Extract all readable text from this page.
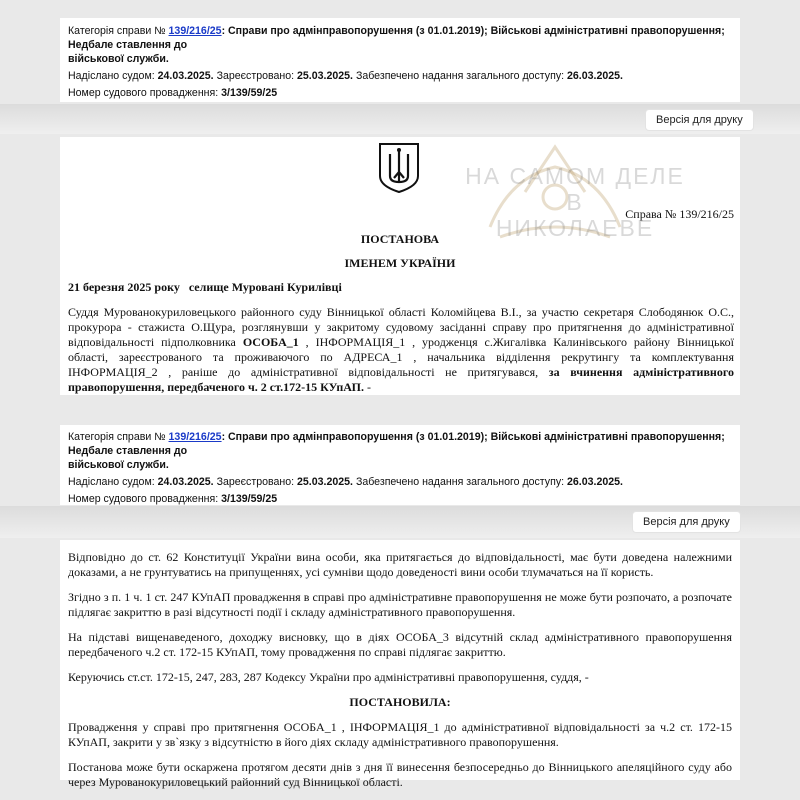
Категорія справи № 139/216/25: Справи про адмінправопорушення (з 01.01.2019); Військові адміністративні правопорушення; Недбале ставлення до
військової служби.
Надіслано судом: 24.03.2025. Зареєстровано: 25.03.2025. Забезпечено надання загального доступу: 26.03.2025.
Номер судового провадження: 3/139/59/25
Версія для друку
НА САМОМ ДЕЛЕ В
НИКОЛАЕВЕ
Справа № 139/216/25
ПОСТАНОВА
ІМЕНЕМ УКРАЇНИ
21 березня 2025 року   селище Муровані Курилівці
Суддя Мурованокуриловецького районного суду Вінницької області Коломійцева В.І., за участю секретаря Слободянюк О.С., прокурора - стажиста О.Щура, розглянувши у закритому судовому засіданні справу про притягнення до адміністративної відповідальності підполковника ОСОБА_1 , ІНФОРМАЦІЯ_1 , уродженця с.Жигалівка Калинівського району Вінницької області, зареєстрованого та проживаючого по АДРЕСА_1 , начальника відділення рекрутингу та комплектування ІНФОРМАЦІЯ_2 , раніше до адміністративної відповідальності не притягувався, за вчинення адміністративного правопорушення, передбаченого ч. 2 ст.172-15 КУпАП. -
Категорія справи № 139/216/25: Справи про адмінправопорушення (з 01.01.2019); Військові адміністративні правопорушення; Недбале ставлення до
військової служби.
Надіслано судом: 24.03.2025. Зареєстровано: 25.03.2025. Забезпечено надання загального доступу: 26.03.2025.
Номер судового провадження: 3/139/59/25
Версія для друку

Відповідно до ст. 62 Конституції України вина особи, яка притягається до відповідальності, має бути доведена належними доказами, а не грунтуватись на припущеннях, усі сумніви щодо доведеності вини особи тлумачаться на її користь.

Згідно з п. 1 ч. 1 ст. 247 КУпАП провадження в справі про адміністративне правопорушення не може бути розпочато, а розпочате підлягає закриттю в разі відсутності події і складу адміністративного правопорушення.

На підставі вищенаведеного, доходжу висновку, що в діях ОСОБА_3 відсутній склад адміністративного правопорушення передбаченого ч.2 ст. 172-15 КУпАП, тому провадження по справі підлягає закриттю.

Керуючись ст.ст. 172-15, 247, 283, 287 Кодексу України про адміністративні правопорушення, суддя, -

ПОСТАНОВИЛА:

Провадження у справі про притягнення ОСОБА_1 , ІНФОРМАЦІЯ_1 до адміністративної відповідальності за ч.2 ст. 172-15 КУпАП, закрити у зв`язку з відсутністю в його діях складу адміністративного правопорушення.

Постанова може бути оскаржена протягом десяти днів з дня її винесення безпосередньо до Вінницького апеляційного суду або через Мурованокуриловецький районний суд Вінницької області.
